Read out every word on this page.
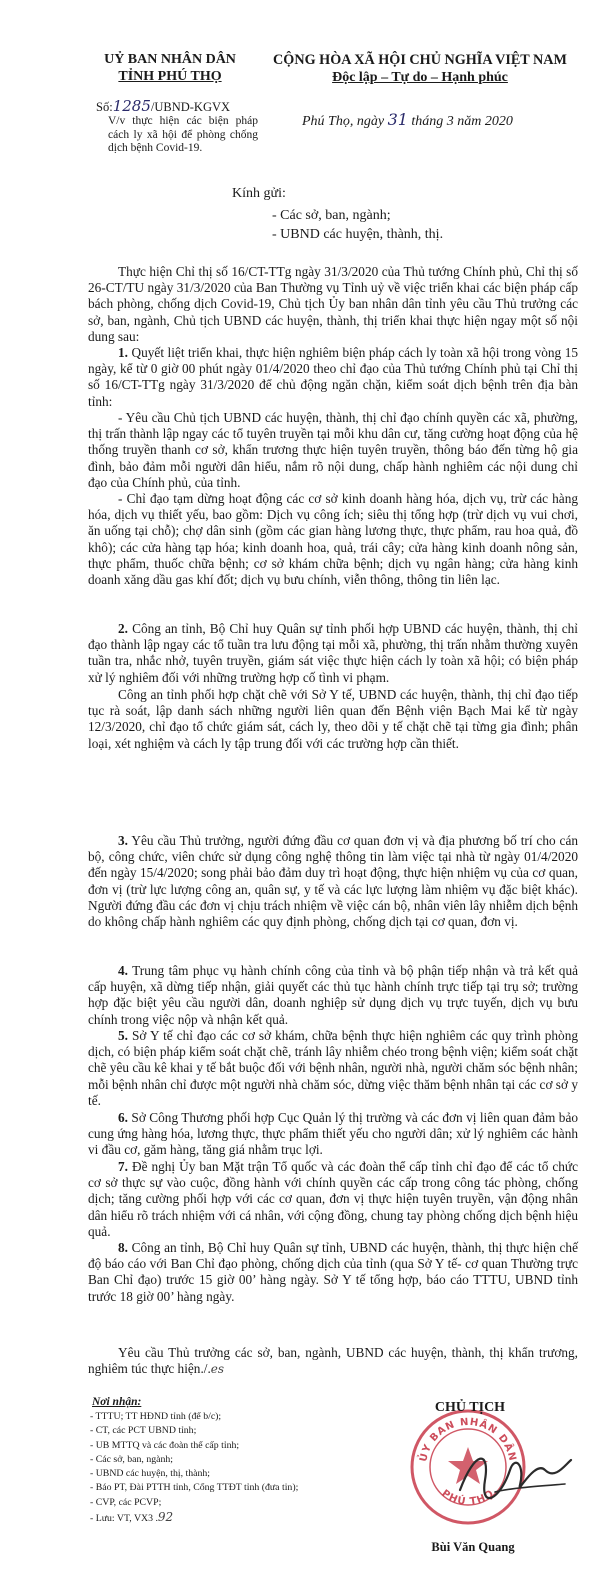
UỶ BAN NHÂN DÂN
TỈNH PHÚ THỌ
CỘNG HÒA XÃ HỘI CHỦ NGHĨA VIỆT NAM
Độc lập – Tự do – Hạnh phúc
Số:1285/UBND-KGVX
V/v thực hiện các biện pháp cách ly xã hội để phòng chống dịch bệnh Covid-19.
Phú Thọ, ngày 31 tháng 3 năm 2020
Kính gửi:
- Các sở, ban, ngành;
- UBND các huyện, thành, thị.

Thực hiện Chỉ thị số 16/CT-TTg ngày 31/3/2020 của Thủ tướng Chính phủ, Chỉ thị số 26-CT/TU ngày 31/3/2020 của Ban Thường vụ Tỉnh uỷ về việc triển khai các biện pháp cấp bách phòng, chống dịch Covid-19, Chủ tịch Ủy ban nhân dân tỉnh yêu cầu Thủ trưởng các sở, ban, ngành, Chủ tịch UBND các huyện, thành, thị triển khai thực hiện ngay một số nội dung sau:

1. Quyết liệt triển khai, thực hiện nghiêm biện pháp cách ly toàn xã hội trong vòng 15 ngày, kể từ 0 giờ 00 phút ngày 01/4/2020 theo chỉ đạo của Thủ tướng Chính phủ tại Chỉ thị số 16/CT-TTg ngày 31/3/2020 để chủ động ngăn chặn, kiểm soát dịch bệnh trên địa bàn tỉnh:

- Yêu cầu Chủ tịch UBND các huyện, thành, thị chỉ đạo chính quyền các xã, phường, thị trấn thành lập ngay các tổ tuyên truyền tại mỗi khu dân cư, tăng cường hoạt động của hệ thống truyền thanh cơ sở, khẩn trương thực hiện tuyên truyền, thông báo đến từng hộ gia đình, bảo đảm mỗi người dân hiểu, nắm rõ nội dung, chấp hành nghiêm các nội dung chỉ đạo của Chính phủ, của tỉnh.

- Chỉ đạo tạm dừng hoạt động các cơ sở kinh doanh hàng hóa, dịch vụ, trừ các hàng hóa, dịch vụ thiết yếu, bao gồm: Dịch vụ công ích; siêu thị tổng hợp (trừ dịch vụ vui chơi, ăn uống tại chỗ); chợ dân sinh (gồm các gian hàng lương thực, thực phẩm, rau hoa quả, đồ khô); các cửa hàng tạp hóa; kinh doanh hoa, quả, trái cây; cửa hàng kinh doanh nông sản, thực phẩm, thuốc chữa bệnh; cơ sở khám chữa bệnh; dịch vụ ngân hàng; cửa hàng kinh doanh xăng dầu gas khí đốt; dịch vụ bưu chính, viễn thông, thông tin liên lạc.

2. Công an tỉnh, Bộ Chỉ huy Quân sự tỉnh phối hợp UBND các huyện, thành, thị chỉ đạo thành lập ngay các tổ tuần tra lưu động tại mỗi xã, phường, thị trấn nhằm thường xuyên tuần tra, nhắc nhở, tuyên truyền, giám sát việc thực hiện cách ly toàn xã hội; có biện pháp xử lý nghiêm đối với những trường hợp cố tình vi phạm.

Công an tỉnh phối hợp chặt chẽ với Sở Y tế, UBND các huyện, thành, thị chỉ đạo tiếp tục rà soát, lập danh sách những người liên quan đến Bệnh viện Bạch Mai kể từ ngày 12/3/2020, chỉ đạo tổ chức giám sát, cách ly, theo dõi y tế chặt chẽ tại từng gia đình; phân loại, xét nghiệm và cách ly tập trung đối với các trường hợp cần thiết.

3. Yêu cầu Thủ trưởng, người đứng đầu cơ quan đơn vị và địa phương bố trí cho cán bộ, công chức, viên chức sử dụng công nghệ thông tin làm việc tại nhà từ ngày 01/4/2020 đến ngày 15/4/2020; song phải bảo đảm duy trì hoạt động, thực hiện nhiệm vụ của cơ quan, đơn vị (trừ lực lượng công an, quân sự, y tế và các lực lượng làm nhiệm vụ đặc biệt khác). Người đứng đầu các đơn vị chịu trách nhiệm về việc cán bộ, nhân viên lây nhiễm dịch bệnh do không chấp hành nghiêm các quy định phòng, chống dịch tại cơ quan, đơn vị.

4. Trung tâm phục vụ hành chính công của tỉnh và bộ phận tiếp nhận và trả kết quả cấp huyện, xã dừng tiếp nhận, giải quyết các thủ tục hành chính trực tiếp tại trụ sở; trường hợp đặc biệt yêu cầu người dân, doanh nghiệp sử dụng dịch vụ trực tuyến, dịch vụ bưu chính trong việc nộp và nhận kết quả.

5. Sở Y tế chỉ đạo các cơ sở khám, chữa bệnh thực hiện nghiêm các quy trình phòng dịch, có biện pháp kiểm soát chặt chẽ, tránh lây nhiễm chéo trong bệnh viện; kiểm soát chặt chẽ yêu cầu kê khai y tế bắt buộc đối với bệnh nhân, người nhà, người chăm sóc bệnh nhân; mỗi bệnh nhân chỉ được một người nhà chăm sóc, dừng việc thăm bệnh nhân tại các cơ sở y tế.

6. Sở Công Thương phối hợp Cục Quản lý thị trường và các đơn vị liên quan đảm bảo cung ứng hàng hóa, lương thực, thực phẩm thiết yếu cho người dân; xử lý nghiêm các hành vi đầu cơ, găm hàng, tăng giá nhằm trục lợi.

7. Đề nghị Ủy ban Mặt trận Tổ quốc và các đoàn thể cấp tỉnh chỉ đạo để các tổ chức cơ sở thực sự vào cuộc, đồng hành với chính quyền các cấp trong công tác phòng, chống dịch; tăng cường phối hợp với các cơ quan, đơn vị thực hiện tuyên truyền, vận động nhân dân hiểu rõ trách nhiệm với cá nhân, với cộng đồng, chung tay phòng chống dịch bệnh hiệu quả.

8. Công an tỉnh, Bộ Chỉ huy Quân sự tỉnh, UBND các huyện, thành, thị thực hiện chế độ báo cáo với Ban Chỉ đạo phòng, chống dịch của tỉnh (qua Sở Y tế- cơ quan Thường trực Ban Chỉ đạo) trước 15 giờ 00’ hàng ngày. Sở Y tế tổng hợp, báo cáo TTTU, UBND tỉnh trước 18 giờ 00’ hàng ngày.

Yêu cầu Thủ trưởng các sở, ban, ngành, UBND các huyện, thành, thị khẩn trương, nghiêm túc thực hiện./.es

Nơi nhận:
- TTTU; TT HĐND tỉnh (để b/c);
- CT, các PCT UBND tỉnh;
- UB MTTQ và các đoàn thể cấp tỉnh;
- Các sở, ban, ngành;
- UBND các huyện, thị, thành;
- Báo PT, Đài PTTH tỉnh, Cổng TTĐT tỉnh (đưa tin);
- CVP, các PCVP;
- Lưu: VT, VX3 .92
ỦY BAN NHÂN DÂN
PHÚ THỌ
CHỦ TỊCH
Bùi Văn Quang
